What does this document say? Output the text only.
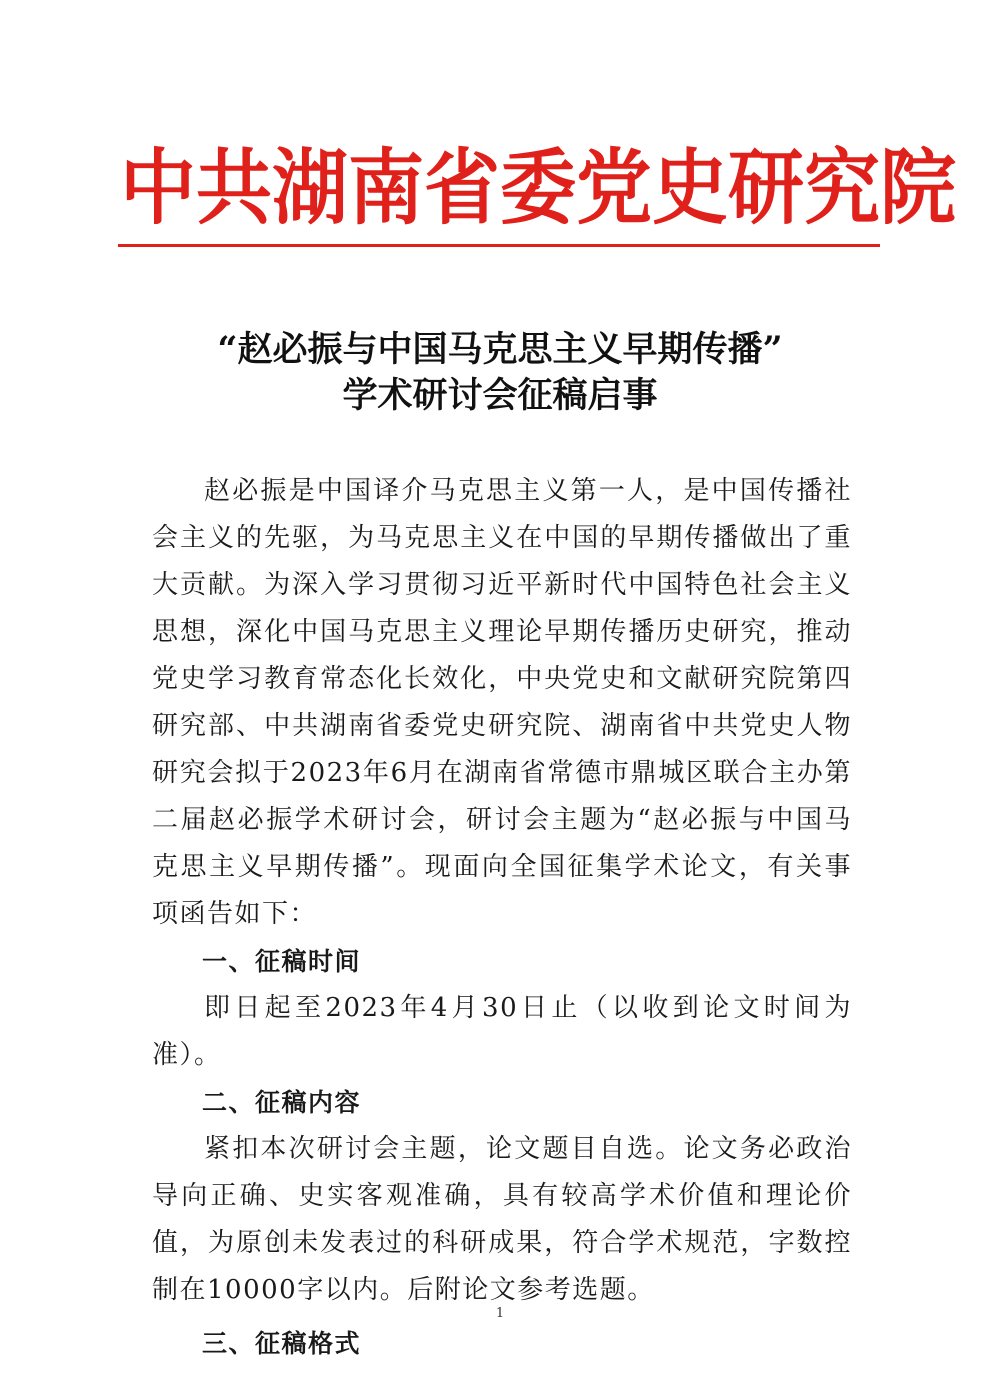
中共湖南省委党史研究院
“赵必振与中国马克思主义早期传播”
学术研讨会征稿启事

赵必振是中国译介马克思主义第一人，是中国传播社会主义的先驱，为马克思主义在中国的早期传播做出了重大贡献。为深入学习贯彻习近平新时代中国特色社会主义思想，深化中国马克思主义理论早期传播历史研究，推动党史学习教育常态化长效化，中央党史和文献研究院第四研究部、中共湖南省委党史研究院、湖南省中共党史人物研究会拟于2023年6月在湖南省常德市鼎城区联合主办第二届赵必振学术研讨会，研讨会主题为“赵必振与中国马克思主义早期传播”。现面向全国征集学术论文，有关事项函告如下：

一、征稿时间

即日起至2023年4月30日止（以收到论文时间为准）。

二、征稿内容

紧扣本次研讨会主题，论文题目自选。论文务必政治导向正确、史实客观准确，具有较高学术价值和理论价值，为原创未发表过的科研成果，符合学术规范，字数控制在10000字以内。后附论文参考选题。

三、征稿格式

1
